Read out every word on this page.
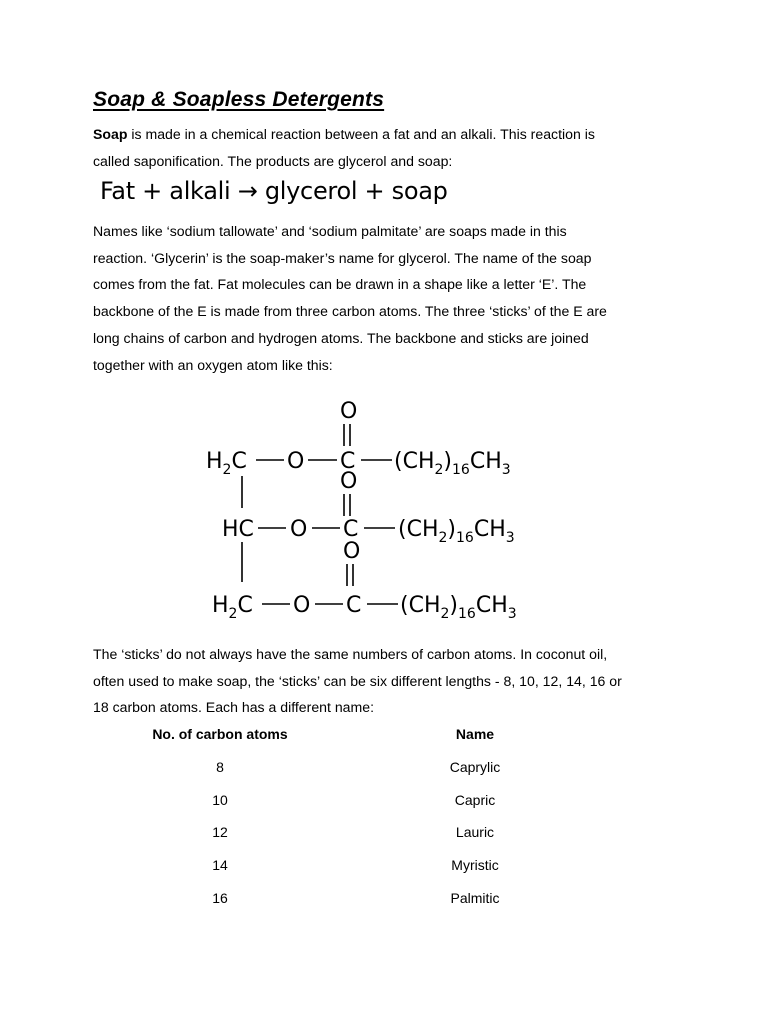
Soap & Soapless Detergents

Soap is made in a chemical reaction between a fat and an alkali. This reaction is
called saponification. The products are glycerol and soap:

Fat + alkali → glycerol + soap

Names like ‘sodium tallowate’ and ‘sodium palmitate’ are soaps made in this
reaction. ‘Glycerin’ is the soap-maker’s name for glycerol. The name of the soap
comes from the fat. Fat molecules can be drawn in a shape like a letter ‘E’. The
backbone of the E is made from three carbon atoms. The three ‘sticks’ of the E are
long chains of carbon and hydrogen atoms. The backbone and sticks are joined
together with an oxygen atom like this:

O
$H_2C$ O C $(CH_2)_{16}CH_3$
O
HC O C $(CH_2)_{16}CH_3$
O
$H_2C$ O C $(CH_2)_{16}CH_3$

The ‘sticks’ do not always have the same numbers of carbon atoms. In coconut oil,
often used to make soap, the ‘sticks’ can be six different lengths - 8, 10, 12, 14, 16 or
18 carbon atoms. Each has a different name:

No. of carbon atoms	Name
8	Caprylic
10	Capric
12	Lauric
14	Myristic
16	Palmitic
